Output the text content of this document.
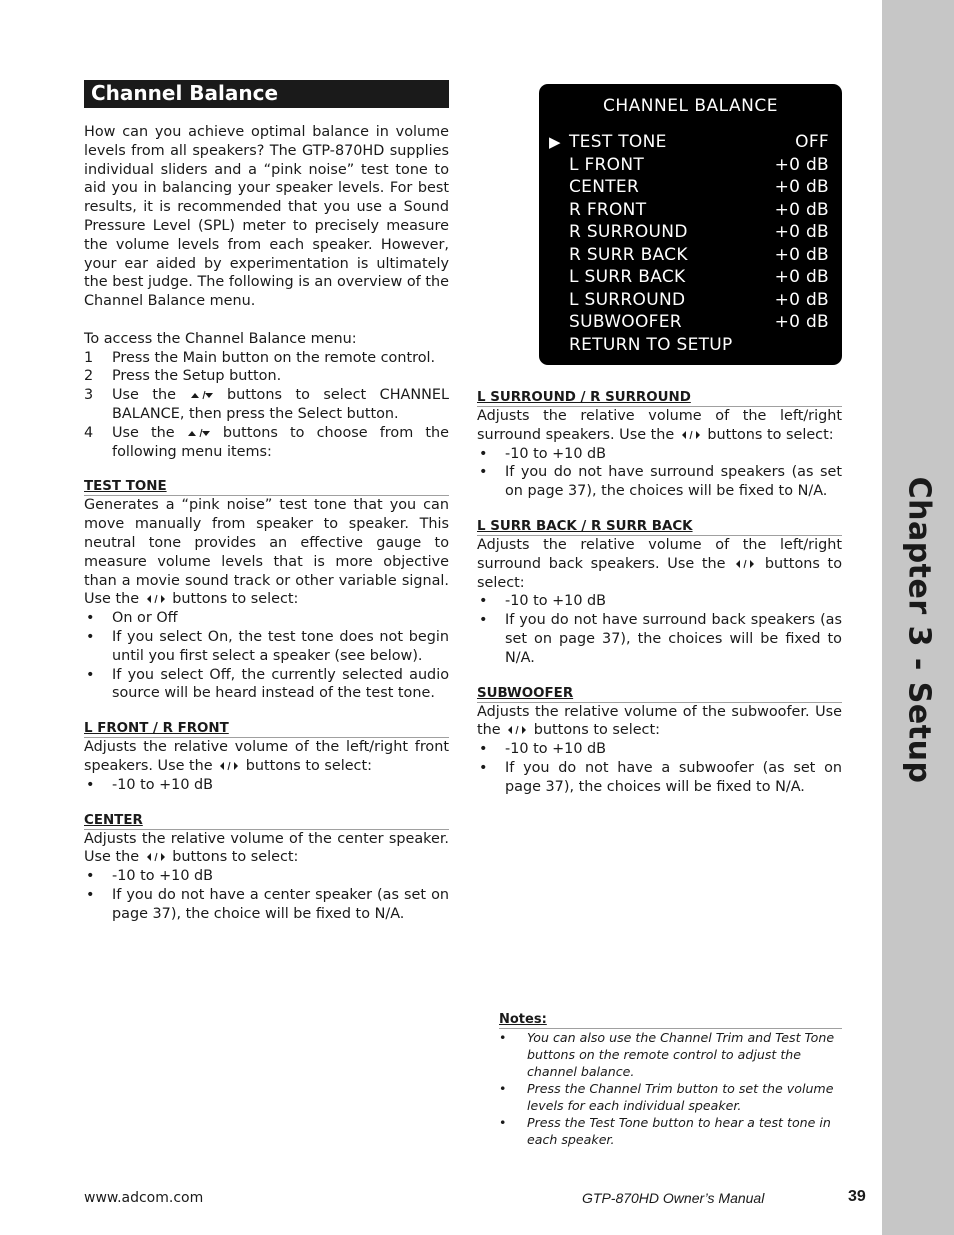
Chapter 3 - Setup
Channel Balance

How can you achieve optimal balance in volume levels from all speakers? The GTP-870HD supplies individual sliders and a “pink noise” test tone to aid you in balancing your speaker levels. For best results, it is recommended that you use a Sound Pressure Level (SPL) meter to precisely measure the volume levels from each speaker. However, your ear aided by experimentation is ultimately the best judge. The following is an overview of the Channel Balance menu.

To access the Channel Balance menu:

1 Press the Main button on the remote control.
2 Press the Setup button.
3 Use the	buttons to select CHANNEL BALANCE, then press the Select button.
4 Use the	buttons to choose from the following menu items:
TEST TONE

Generates a “pink noise” test tone that you can move manually from speaker to speaker. This neutral tone provides an effective gauge to measure volume levels that is more objective than a movie sound track or other variable signal. Use the buttons to select:

• On or Off
• If you select On, the test tone does not begin until you first select a speaker (see below).
• If you select Off, the currently selected audio source will be heard instead of the test tone.
L FRONT / R FRONT

Adjusts the relative volume of the left/right front speakers. Use the buttons to select:

• -10 to +10 dB
CENTER

Adjusts the relative volume of the center speaker. Use the buttons to select:

• -10 to +10 dB
• If you do not have a center speaker (as set on page 37), the choice will be fixed to N/A.
CHANNEL BALANCE
▶ TEST TONE	OFF
L FRONT	+0 dB
CENTER	+0 dB
R FRONT	+0 dB
R SURROUND	+0 dB
R SURR BACK	+0 dB
L SURR BACK	+0 dB
L SURROUND	+0 dB
SUBWOOFER	+0 dB
RETURN TO SETUP
L SURROUND / R SURROUND

Adjusts the relative volume of the left/right surround speakers. Use the buttons to select:

• -10 to +10 dB
• If you do not have surround speakers (as set on page 37), the choices will be fixed to N/A.
L SURR BACK / R SURR BACK

Adjusts the relative volume of the left/right surround back speakers. Use the	buttons to select:

• -10 to +10 dB
• If you do not have surround back speakers (as set on page 37), the choices will be fixed to N/A.
SUBWOOFER

Adjusts the relative volume of the subwoofer. Use the buttons to select:

• -10 to +10 dB
• If you do not have a subwoofer (as set on page 37), the choices will be fixed to N/A.
Notes:
• You can also use the Channel Trim and Test Tone buttons on the remote control to adjust the channel balance.
• Press the Channel Trim button to set the volume levels for each individual speaker.
• Press the Test Tone button to hear a test tone in each speaker.
www.adcom.com	GTP-870HD Owner’s Manual	39
